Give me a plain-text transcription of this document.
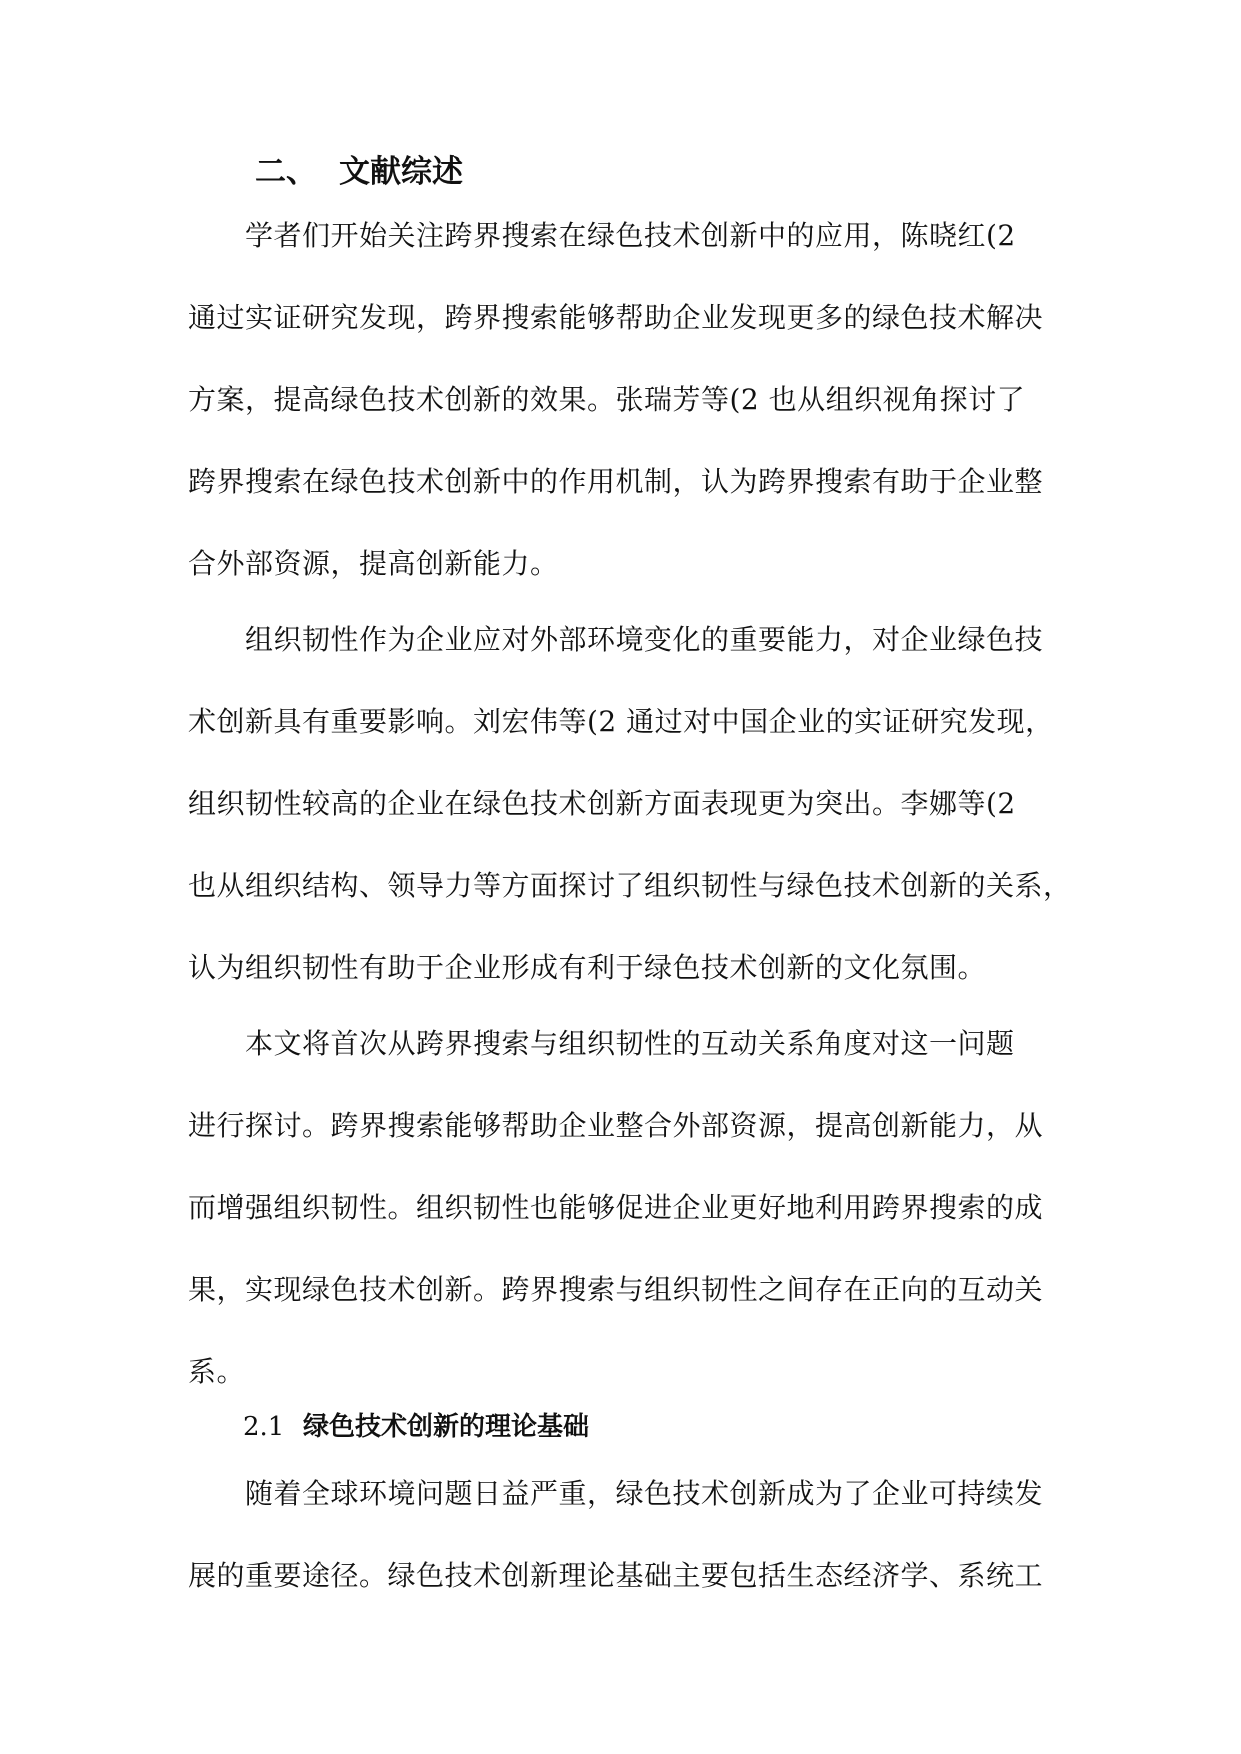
二、 文献综述

学者们开始关注跨界搜索在绿色技术创新中的应用，陈晓红(2

通过实证研究发现，跨界搜索能够帮助企业发现更多的绿色技术解决

方案，提高绿色技术创新的效果。张瑞芳等(2 也从组织视角探讨了

跨界搜索在绿色技术创新中的作用机制，认为跨界搜索有助于企业整

合外部资源，提高创新能力。

组织韧性作为企业应对外部环境变化的重要能力，对企业绿色技

术创新具有重要影响。刘宏伟等(2 通过对中国企业的实证研究发现，

组织韧性较高的企业在绿色技术创新方面表现更为突出。李娜等(2

也从组织结构、领导力等方面探讨了组织韧性与绿色技术创新的关系，

认为组织韧性有助于企业形成有利于绿色技术创新的文化氛围。

本文将首次从跨界搜索与组织韧性的互动关系角度对这一问题

进行探讨。跨界搜索能够帮助企业整合外部资源，提高创新能力，从

而增强组织韧性。组织韧性也能够促进企业更好地利用跨界搜索的成

果，实现绿色技术创新。跨界搜索与组织韧性之间存在正向的互动关

系。

2.1 绿色技术创新的理论基础

随着全球环境问题日益严重，绿色技术创新成为了企业可持续发

展的重要途径。绿色技术创新理论基础主要包括生态经济学、系统工
